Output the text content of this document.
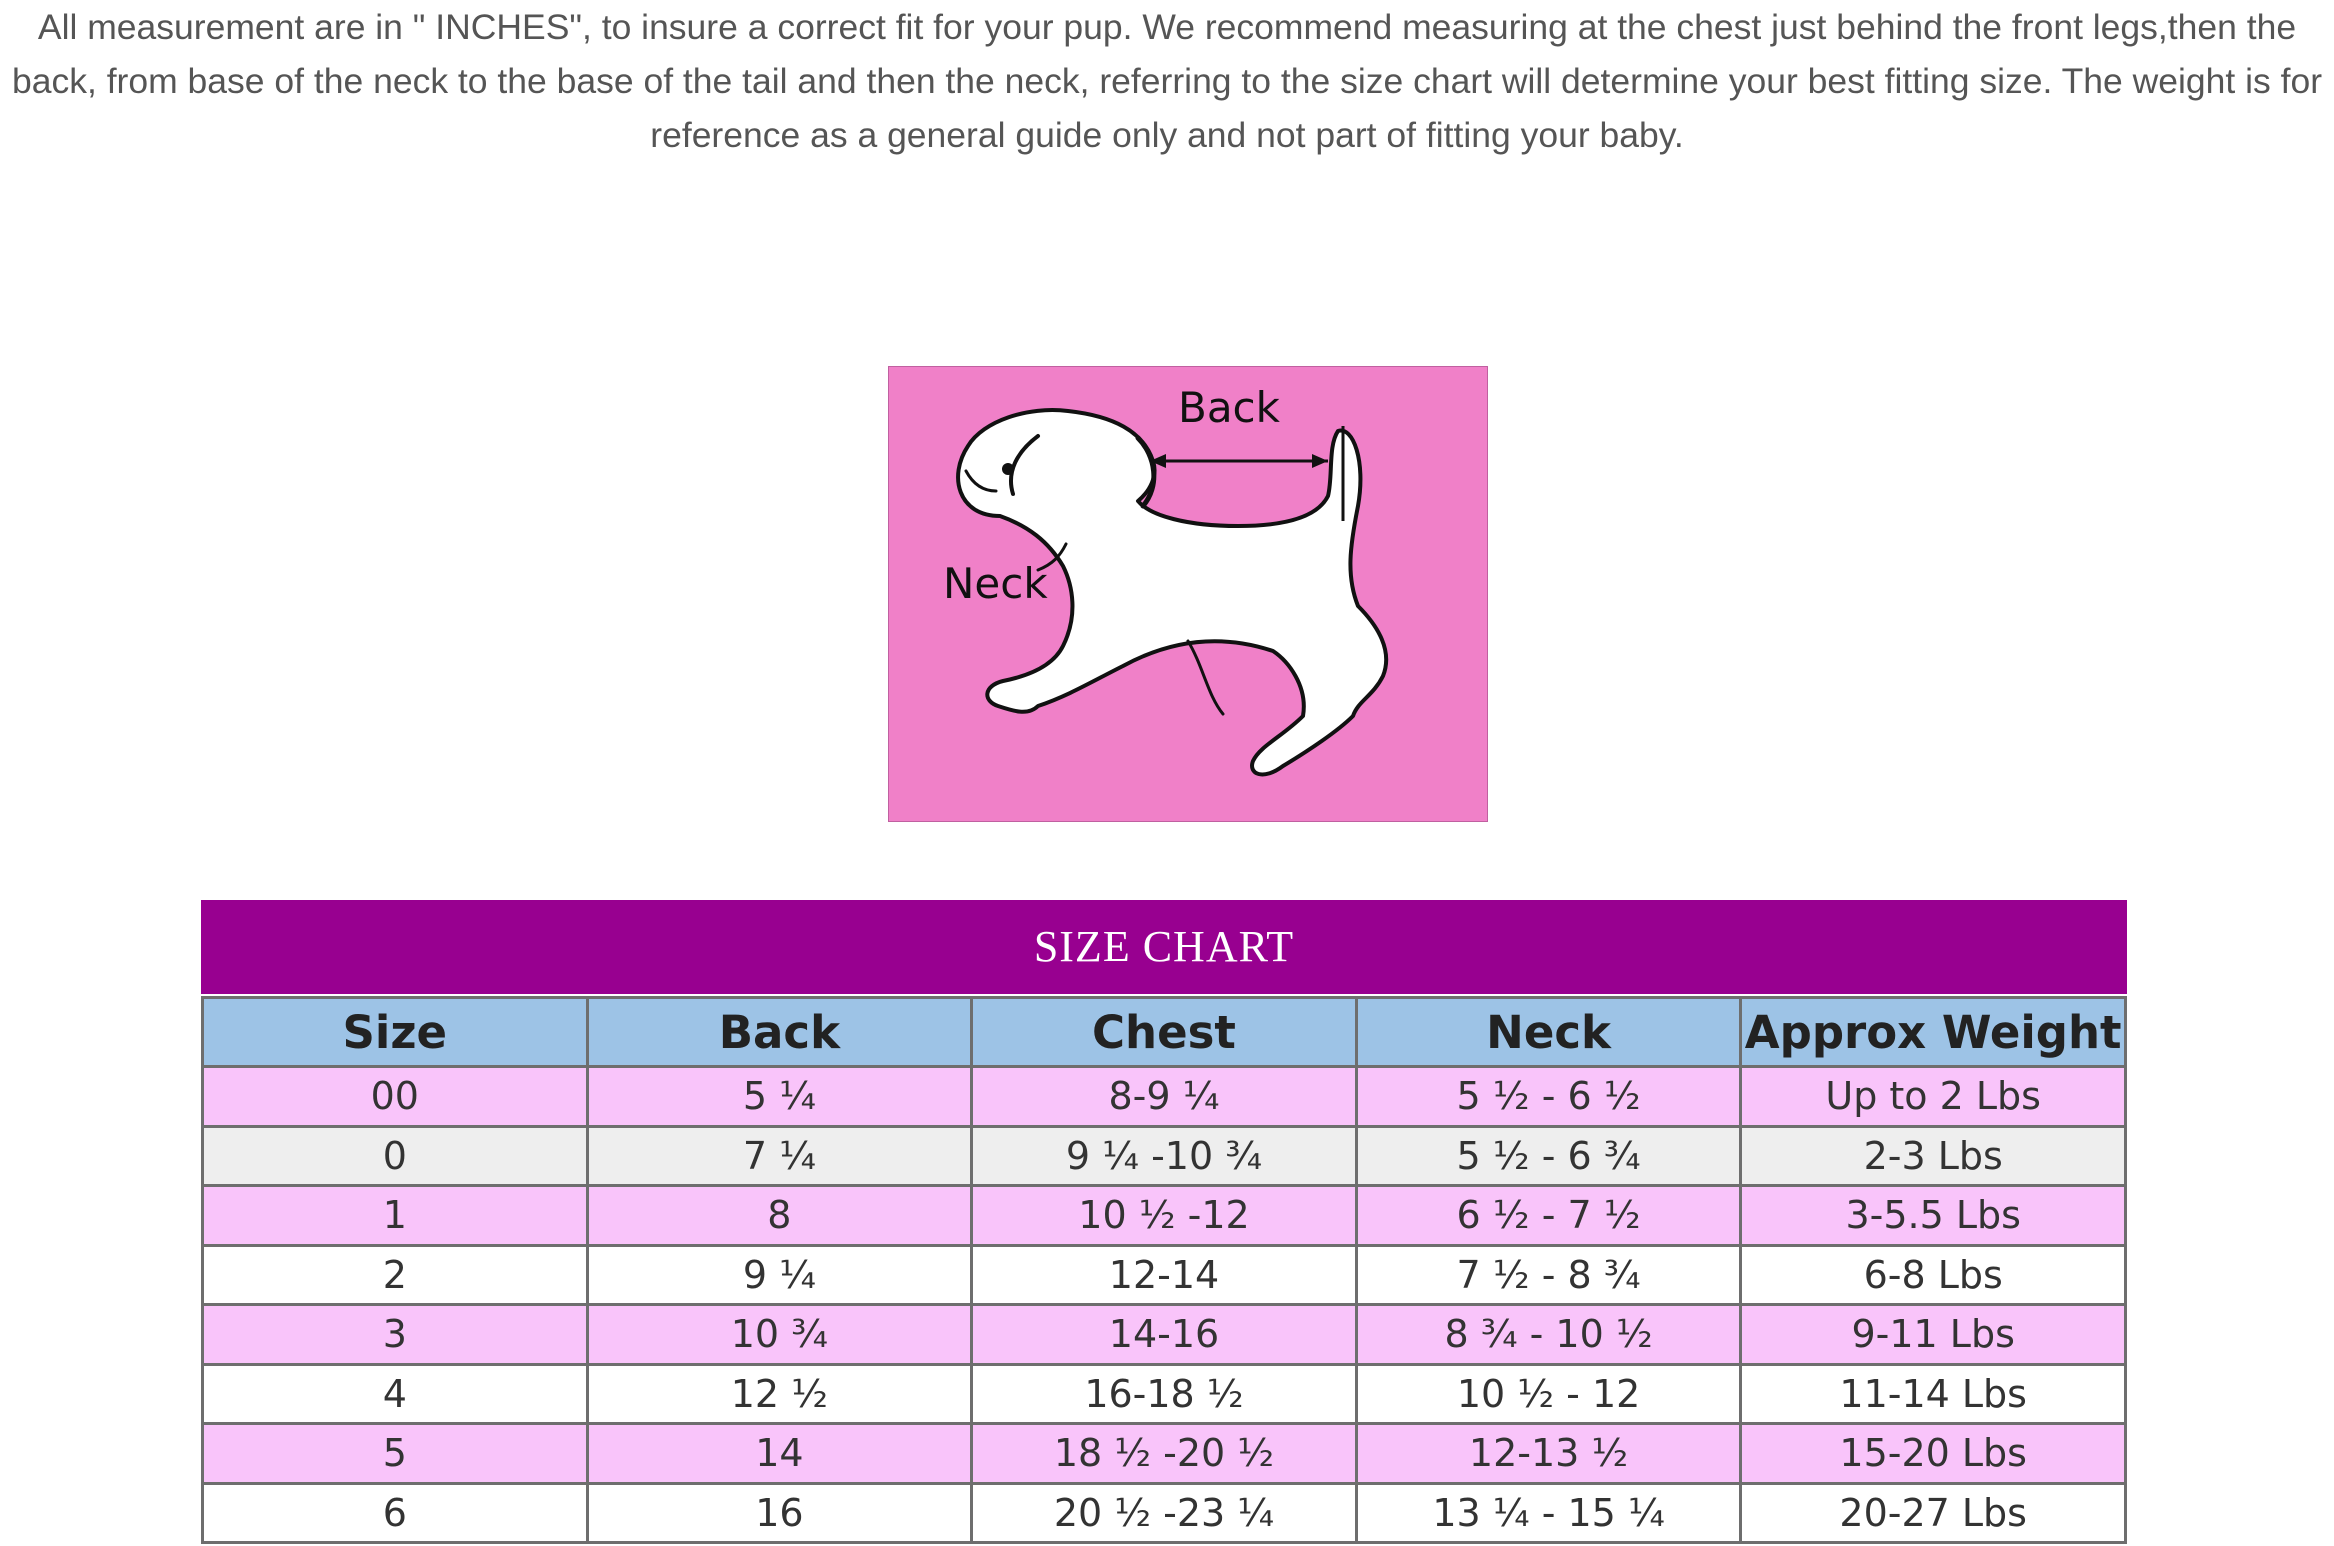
All measurement are in " INCHES", to insure a correct fit for your pup. We recommend measuring at the chest just behind the front legs,then the back, from base of the neck to the base of the tail and then the neck, referring to the size chart will determine your best fitting size. The weight is for reference as a general guide only and not part of fitting your baby.

Back
Neck
SIZE CHART
Size	Back	Chest	Neck	Approx Weight
00	5 ¼	8-9 ¼	5 ½ - 6 ½	Up to 2 Lbs
0	7 ¼	9 ¼ -10 ¾	5 ½ - 6 ¾	2-3 Lbs
1	8	10 ½ -12	6 ½ - 7 ½	3-5.5 Lbs
2	9 ¼	12-14	7 ½ - 8 ¾	6-8 Lbs
3	10 ¾	14-16	8 ¾ - 10 ½	9-11 Lbs
4	12 ½	16-18 ½	10 ½ - 12	11-14 Lbs
5	14	18 ½ -20 ½	12-13 ½	15-20 Lbs
6	16	20 ½ -23 ¼	13 ¼ - 15 ¼	20-27 Lbs
